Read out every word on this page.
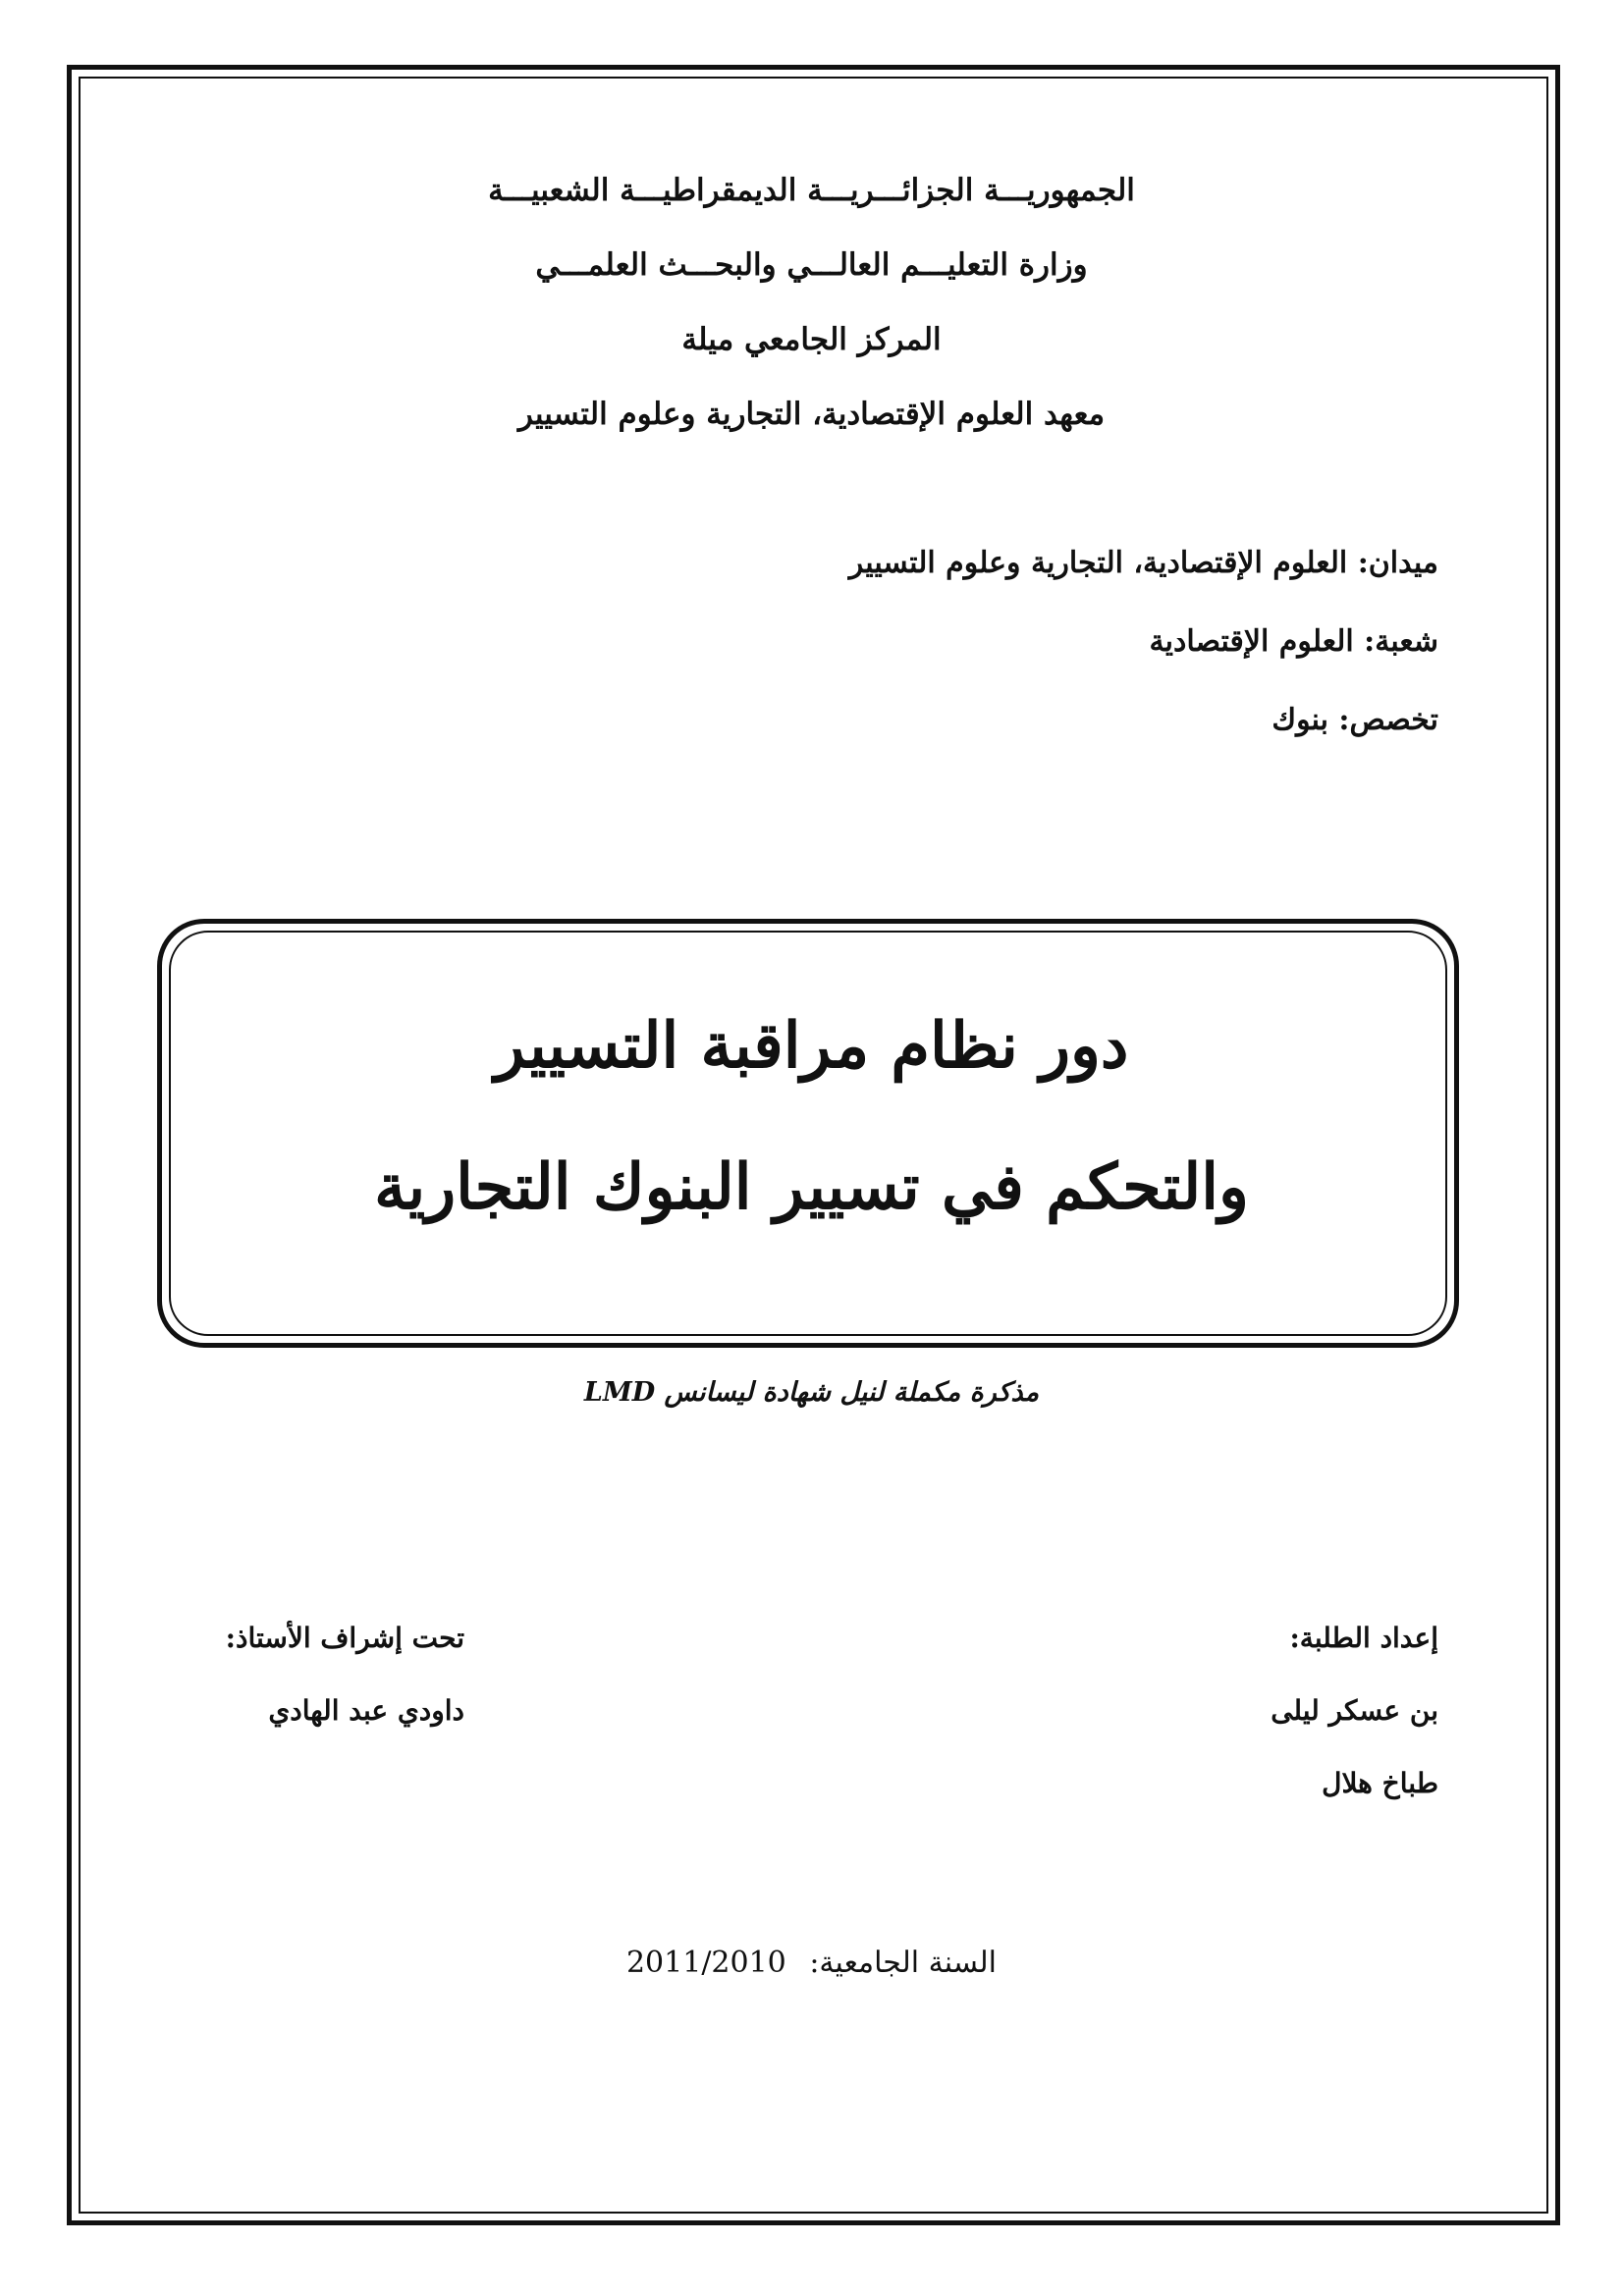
الجمهوريـــة الجزائـــريـــة الديمقراطيـــة الشعبيـــة
وزارة التعليـــم العالـــي والبحـــث العلمـــي
المركز الجامعي ميلة
معهد العلوم الإقتصادية، التجارية وعلوم التسيير
ميدان: العلوم الإقتصادية، التجارية وعلوم التسيير
شعبة: العلوم الإقتصادية
تخصص: بنوك
دور نظام مراقبة التسيير
والتحكم في تسيير البنوك التجارية
مذكرة مكملة لنيل شهادة ليسانس LMD
إعداد الطلبة:
بن عسكر ليلى
طباخ هلال
تحت إشراف الأستاذ:
داودي عبد الهادي
السنة الجامعية: 2011/2010
